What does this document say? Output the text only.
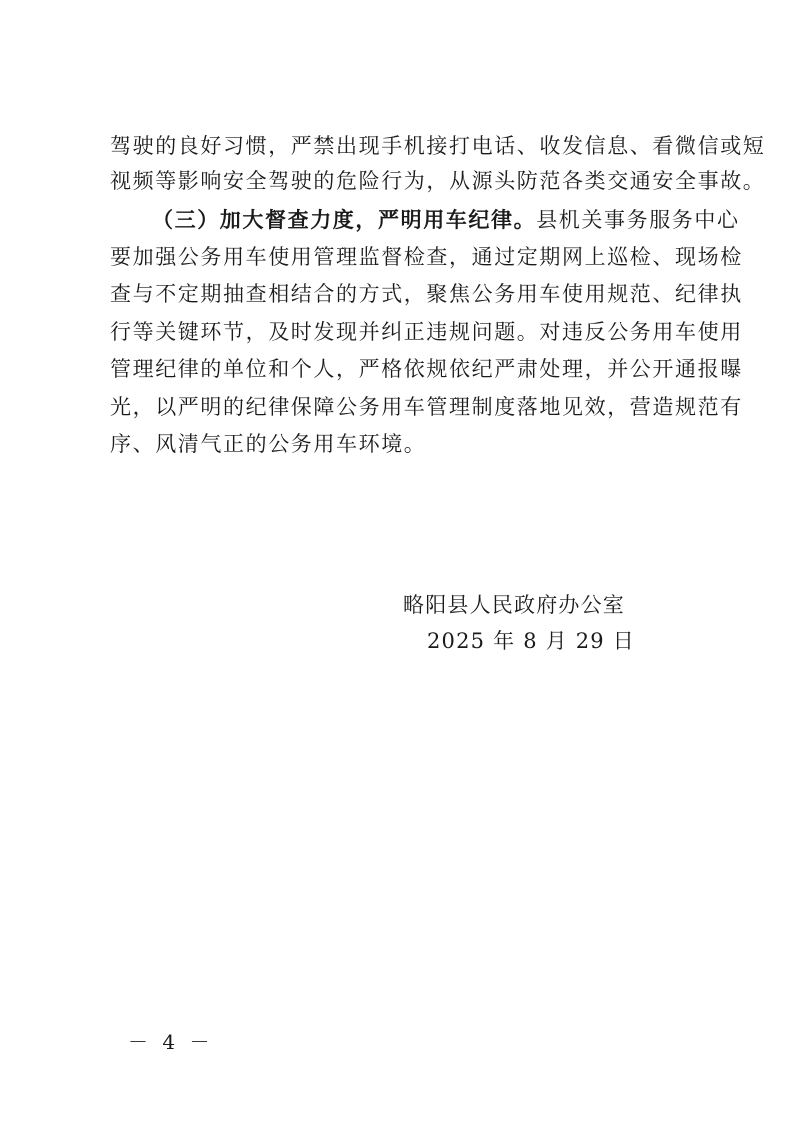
驾驶的良好习惯，严禁出现手机接打电话、收发信息、看微信或短
视频等影响安全驾驶的危险行为，从源头防范各类交通安全事故。
（三）加大督查力度，严明用车纪律。县机关事务服务中心
要加强公务用车使用管理监督检查，通过定期网上巡检、现场检
查与不定期抽查相结合的方式，聚焦公务用车使用规范、纪律执
行等关键环节，及时发现并纠正违规问题。对违反公务用车使用
管理纪律的单位和个人，严格依规依纪严肃处理，并公开通报曝
光，以严明的纪律保障公务用车管理制度落地见效，营造规范有
序、风清气正的公务用车环境。
略阳县人民政府办公室
2025 年 8 月 29 日
－ 4 －
